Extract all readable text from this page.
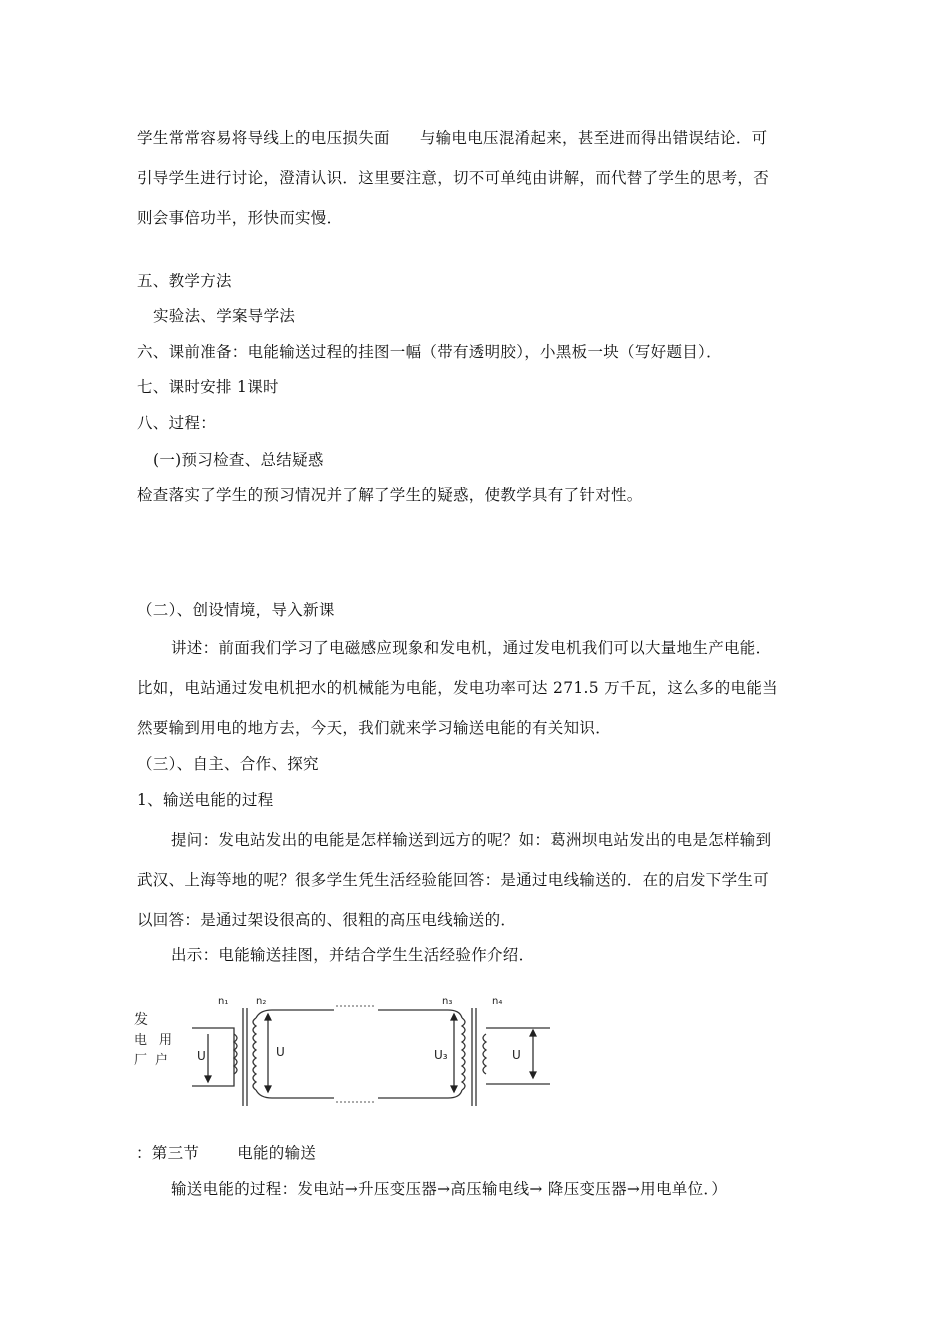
学生常常容易将导线上的电压损失面 与输电电压混淆起来，甚至进而得出错误结论．可
引导学生进行讨论，澄清认识．这里要注意，切不可单纯由讲解，而代替了学生的思考，否
则会事倍功半，形快而实慢．
五、教学方法
实验法、学案导学法
六、课前准备：电能输送过程的挂图一幅（带有透明胶），小黑板一块（写好题目）．
七、课时安排 1课时
八、过程：
(一)预习检查、总结疑惑
检查落实了学生的预习情况并了解了学生的疑惑，使教学具有了针对性。
（二）、创设情境，导入新课
讲述：前面我们学习了电磁感应现象和发电机，通过发电机我们可以大量地生产电能．
比如，电站通过发电机把水的机械能为电能，发电功率可达 271.5 万千瓦，这么多的电能当
然要输到用电的地方去，今天，我们就来学习输送电能的有关知识．
（三）、自主、合作、探究
1、输送电能的过程
提问：发电站发出的电能是怎样输送到远方的呢？如：葛洲坝电站发出的电是怎样输到
武汉、上海等地的呢？很多学生凭生活经验能回答：是通过电线输送的．在的启发下学生可
以回答：是通过架设很高的、很粗的高压电线输送的．
出示：电能输送挂图，并结合学生生活经验作介绍．
发
电 用
厂 户
n₁	n₂	n₃	n₄
U	U	U₃	U
：第三节 电能的输送
输送电能的过程：发电站→升压变压器→高压输电线→ 降压变压器→用电单位．）
